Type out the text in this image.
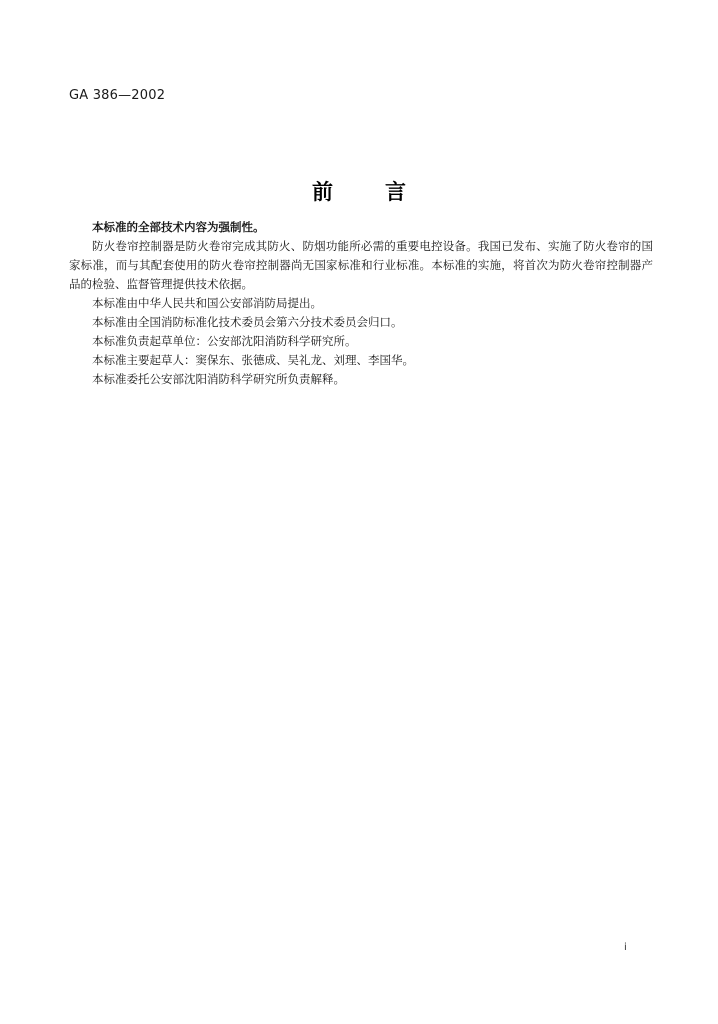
GA 386—2002
前 言

本标准的全部技术内容为强制性。

防火卷帘控制器是防火卷帘完成其防火、防烟功能所必需的重要电控设备。我国已发布、实施了防火卷帘的国家标准，而与其配套使用的防火卷帘控制器尚无国家标准和行业标准。本标准的实施，将首次为防火卷帘控制器产品的检验、监督管理提供技术依据。

本标准由中华人民共和国公安部消防局提出。

本标准由全国消防标准化技术委员会第六分技术委员会归口。

本标准负责起草单位：公安部沈阳消防科学研究所。

本标准主要起草人：窦保东、张德成、吴礼龙、刘理、李国华。

本标准委托公安部沈阳消防科学研究所负责解释。

i
